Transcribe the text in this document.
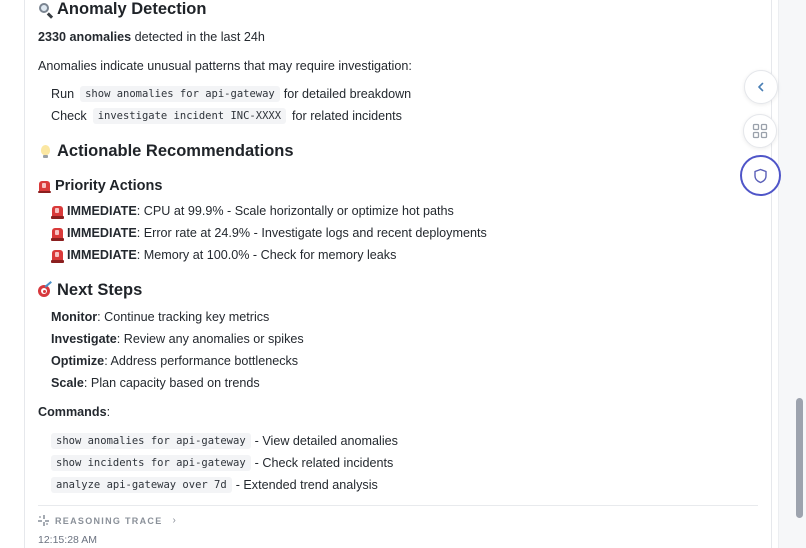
Anomaly Detection
2330 anomalies detected in the last 24h
Anomalies indicate unusual patterns that may require investigation:
Run	show anomalies for api-gateway for detailed breakdown
Check	investigate incident INC-XXXX for related incidents
Actionable Recommendations
Priority Actions
IMMEDIATE : CPU at 99.9% - Scale horizontally or optimize hot paths
IMMEDIATE : Error rate at 24.9% - Investigate logs and recent deployments
IMMEDIATE : Memory at 100.0% - Check for memory leaks
Next Steps
Monitor : Continue tracking key metrics
Investigate : Review any anomalies or spikes
Optimize : Address performance bottlenecks
Scale : Plan capacity based on trends
Commands:
show anomalies for api-gateway - View detailed anomalies
show incidents for api-gateway - Check related incidents
analyze api-gateway over 7d - Extended trend analysis
REASONING TRACE ›
12:15:28 AM
